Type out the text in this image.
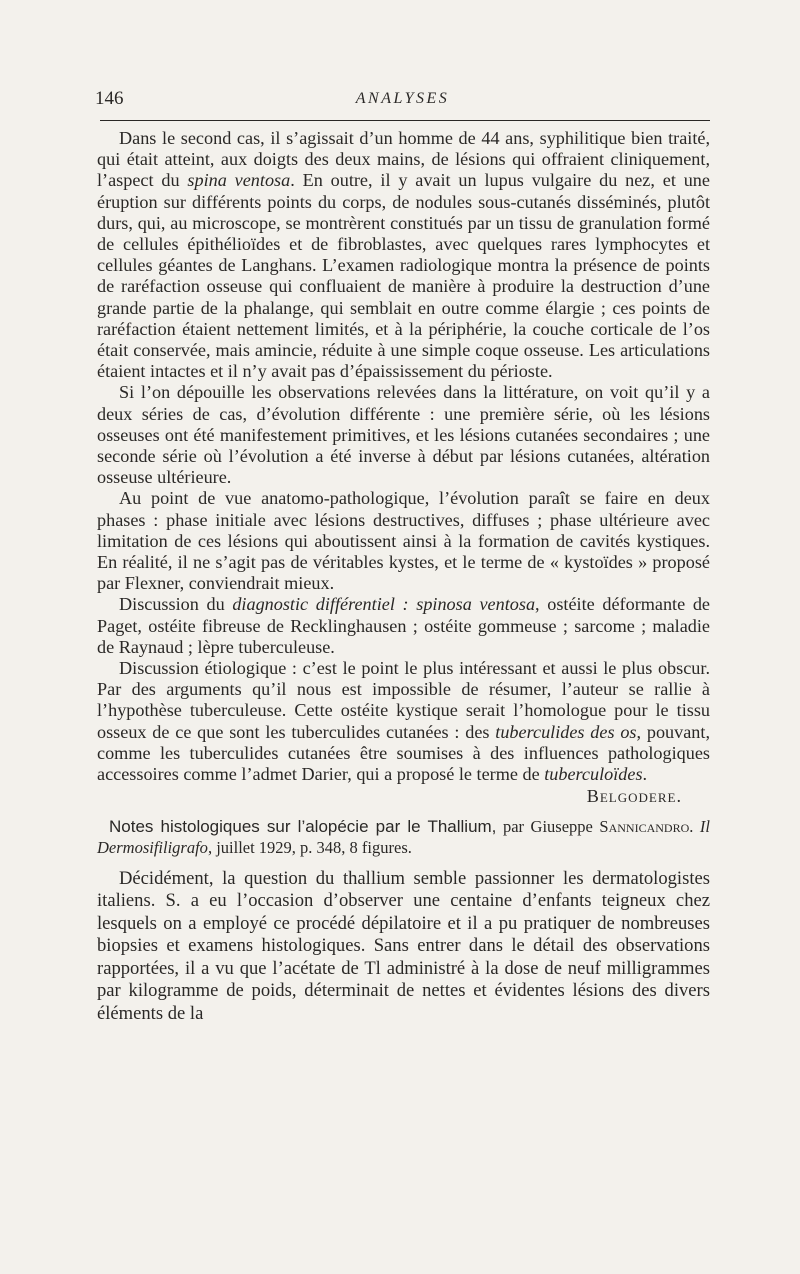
146	ANALYSES

Dans le second cas, il s’agissait d’un homme de 44 ans, syphilitique bien traité, qui était atteint, aux doigts des deux mains, de lésions qui offraient cliniquement, l’aspect du spina ventosa. En outre, il y avait un lupus vulgaire du nez, et une éruption sur différents points du corps, de nodules sous-cutanés disséminés, plutôt durs, qui, au microscope, se montrèrent constitués par un tissu de granulation formé de cellules épithélioïdes et de fibroblastes, avec quelques rares lymphocytes et cellules géantes de Langhans. L’examen radiologique montra la présence de points de raréfaction osseuse qui confluaient de manière à produire la destruction d’une grande partie de la phalange, qui semblait en outre comme élargie ; ces points de raréfaction étaient nettement limités, et à la périphérie, la couche corticale de l’os était conservée, mais amincie, réduite à une simple coque osseuse. Les articulations étaient intactes et il n’y avait pas d’épaississement du périoste.

Si l’on dépouille les observations relevées dans la littérature, on voit qu’il y a deux séries de cas, d’évolution différente : une première série, où les lésions osseuses ont été manifestement primitives, et les lésions cutanées secondaires ; une seconde série où l’évolution a été inverse à début par lésions cutanées, altération osseuse ultérieure.

Au point de vue anatomo-pathologique, l’évolution paraît se faire en deux phases : phase initiale avec lésions destructives, diffuses ; phase ultérieure avec limitation de ces lésions qui aboutissent ainsi à la formation de cavités kystiques. En réalité, il ne s’agit pas de véritables kystes, et le terme de « kystoïdes » proposé par Flexner, conviendrait mieux.

Discussion du diagnostic différentiel : spinosa ventosa, ostéite déformante de Paget, ostéite fibreuse de Recklinghausen ; ostéite gommeuse ; sarcome ; maladie de Raynaud ; lèpre tuberculeuse.

Discussion étiologique : c’est le point le plus intéressant et aussi le plus obscur. Par des arguments qu’il nous est impossible de résumer, l’auteur se rallie à l’hypothèse tuberculeuse. Cette ostéite kystique serait l’homologue pour le tissu osseux de ce que sont les tuberculides cutanées : des tuberculides des os, pouvant, comme les tuberculides cutanées être soumises à des influences pathologiques accessoires comme l’admet Darier, qui a proposé le terme de tuberculoïdes.

Belgodere.
Notes histologiques sur l’alopécie par le Thallium, par Giuseppe Sannicandro. Il Dermosifiligrafo, juillet 1929, p. 348, 8 figures.

Décidément, la question du thallium semble passionner les dermatologistes italiens. S. a eu l’occasion d’observer une centaine d’enfants teigneux chez lesquels on a employé ce procédé dépilatoire et il a pu pratiquer de nombreuses biopsies et examens histologiques. Sans entrer dans le détail des observations rapportées, il a vu que l’acétate de Tl administré à la dose de neuf milligrammes par kilogramme de poids, déterminait de nettes et évidentes lésions des divers éléments de la
